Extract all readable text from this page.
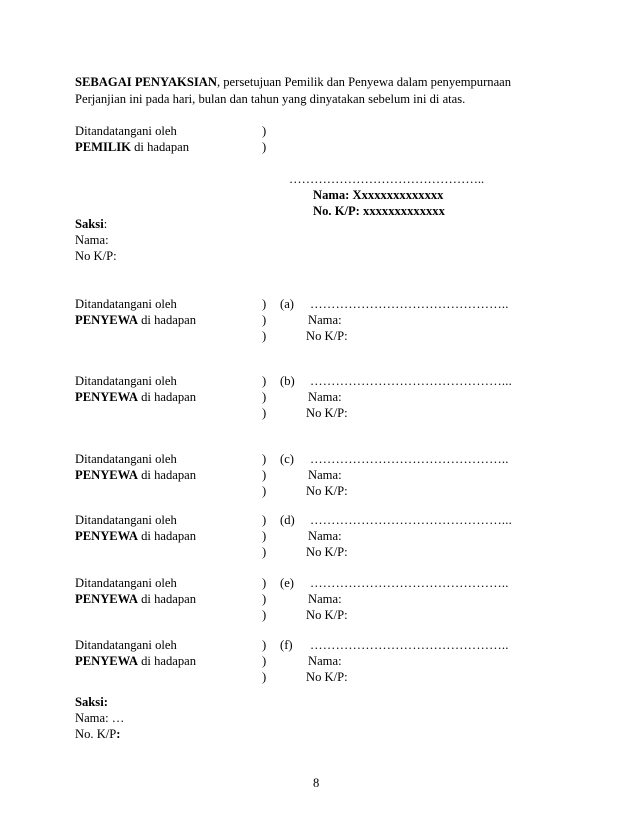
SEBAGAI PENYAKSIAN, persetujuan Pemilik dan Penyewa dalam penyempurnaan
Perjanjian ini pada hari, bulan dan tahun yang dinyatakan sebelum ini di atas.
Ditandatangani oleh	)
PEMILIK di hadapan	)
………………………………………..
Nama: Xxxxxxxxxxxxxx
No. K/P: xxxxxxxxxxxxx
Saksi:
Nama:
No K/P:
Ditandatangani oleh	) (a) ………………………………………..
PENYEWA di hadapan	)	Nama:
)	No K/P:
Ditandatangani oleh	) (b) ………………………………………...
PENYEWA di hadapan	)	Nama:
)	No K/P:
Ditandatangani oleh	) (c) ………………………………………..
PENYEWA di hadapan	)	Nama:
)	No K/P:
Ditandatangani oleh	) (d) ………………………………………...
PENYEWA di hadapan	)	Nama:
)	No K/P:
Ditandatangani oleh	) (e) ………………………………………..
PENYEWA di hadapan	)	Nama:
)	No K/P:
Ditandatangani oleh	) (f) ………………………………………..
PENYEWA di hadapan	)	Nama:
)	No K/P:
Saksi:
Nama: …
No. K/P:
8
